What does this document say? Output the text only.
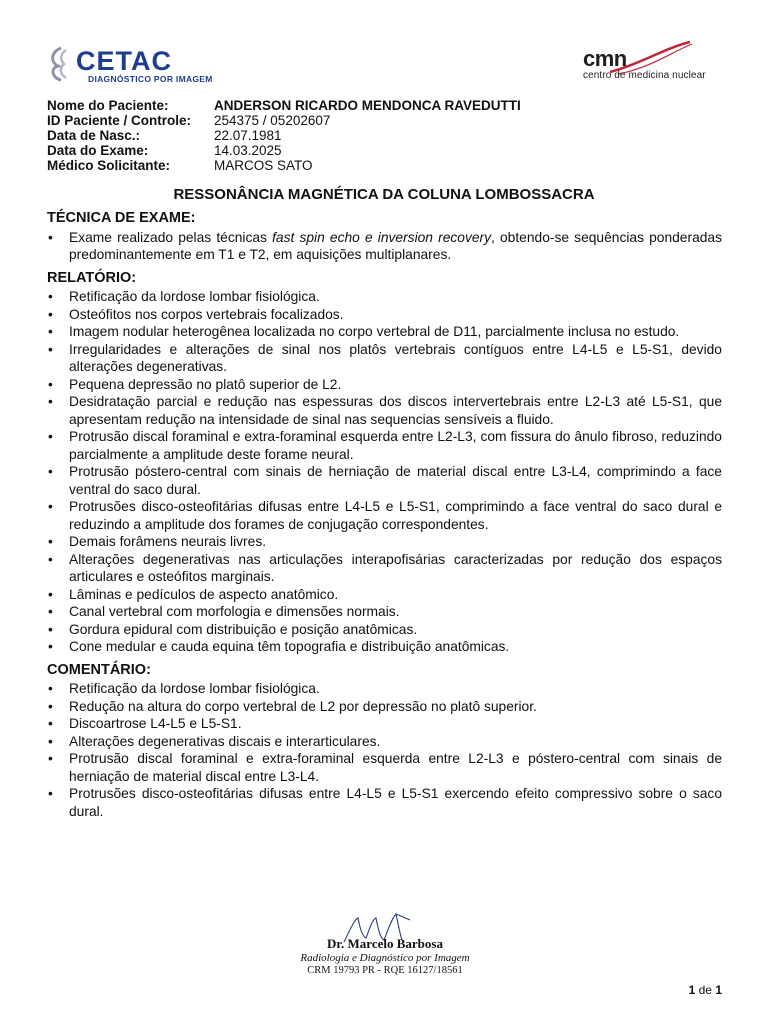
CETAC
DIAGNÓSTICO POR IMAGEM
cmn
centro de medicina nuclear
Nome do Paciente:	ANDERSON RICARDO MENDONCA RAVEDUTTI
ID Paciente / Controle:	254375 / 05202607
Data de Nasc.:	22.07.1981
Data do Exame:	14.03.2025
Médico Solicitante:	MARCOS SATO
RESSONÂNCIA MAGNÉTICA DA COLUNA LOMBOSSACRA
TÉCNICA DE EXAME:
• Exame realizado pelas técnicas fast spin echo e inversion recovery, obtendo-se sequências ponderadas predominantemente em T1 e T2, em aquisições multiplanares.
RELATÓRIO:
• Retificação da lordose lombar fisiológica.
• Osteófitos nos corpos vertebrais focalizados.
• Imagem nodular heterogênea localizada no corpo vertebral de D11, parcialmente inclusa no estudo.
• Irregularidades e alterações de sinal nos platôs vertebrais contíguos entre L4-L5 e L5-S1, devido alterações degenerativas.
• Pequena depressão no platô superior de L2.
• Desidratação parcial e redução nas espessuras dos discos intervertebrais entre L2-L3 até L5-S1, que apresentam redução na intensidade de sinal nas sequencias sensíveis a fluido.
• Protrusão discal foraminal e extra-foraminal esquerda entre L2-L3, com fissura do ânulo fibroso, reduzindo parcialmente a amplitude deste forame neural.
• Protrusão póstero-central com sinais de herniação de material discal entre L3-L4, comprimindo a face ventral do saco dural.
• Protrusões disco-osteofitárias difusas entre L4-L5 e L5-S1, comprimindo a face ventral do saco dural e reduzindo a amplitude dos forames de conjugação correspondentes.
• Demais forâmens neurais livres.
• Alterações degenerativas nas articulações interapofisárias caracterizadas por redução dos espaços articulares e osteófitos marginais.
• Lâminas e pedículos de aspecto anatômico.
• Canal vertebral com morfologia e dimensões normais.
• Gordura epidural com distribuição e posição anatômicas.
• Cone medular e cauda equina têm topografia e distribuição anatômicas.
COMENTÁRIO:
• Retificação da lordose lombar fisiológica.
• Redução na altura do corpo vertebral de L2 por depressão no platô superior.
• Discoartrose L4-L5 e L5-S1.
• Alterações degenerativas discais e interarticulares.
• Protrusão discal foraminal e extra-foraminal esquerda entre L2-L3 e póstero-central com sinais de herniação de material discal entre L3-L4.
• Protrusões disco-osteofitárias difusas entre L4-L5 e L5-S1 exercendo efeito compressivo sobre o saco dural.
Dr. Marcelo Barbosa
Radiologia e Diagnóstico por Imagem
CRM 19793 PR - RQE 16127/18561
1 de 1
